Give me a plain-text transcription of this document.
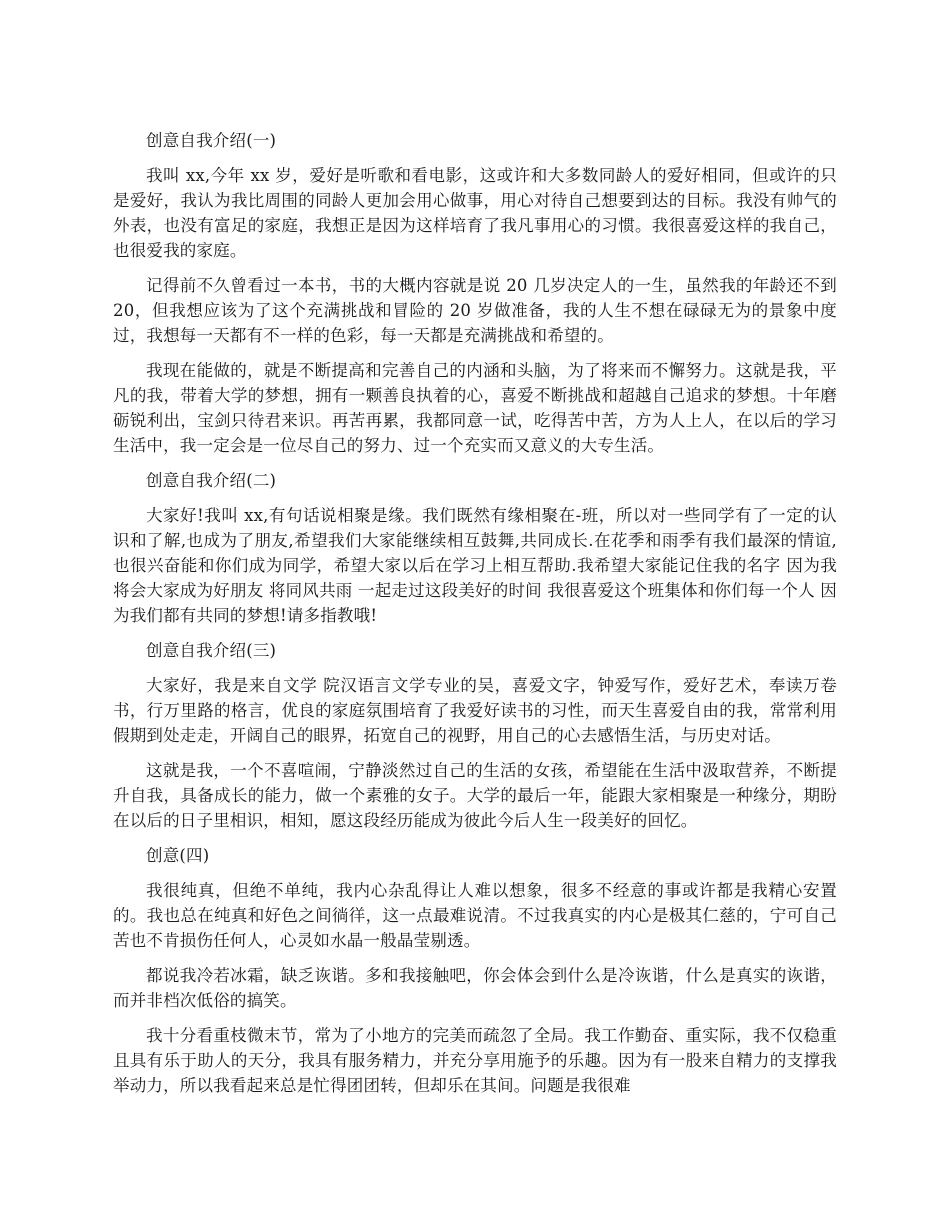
创意自我介绍(一)

我叫 xx,今年 xx 岁，爱好是听歌和看电影，这或许和大多数同龄人的爱好相同，但或许的只是爱好，我认为我比周围的同龄人更加会用心做事，用心对待自己想要到达的目标。我没有帅气的外表，也没有富足的家庭，我想正是因为这样培育了我凡事用心的习惯。我很喜爱这样的我自己，也很爱我的家庭。

记得前不久曾看过一本书，书的大概内容就是说 20 几岁决定人的一生，虽然我的年龄还不到 20，但我想应该为了这个充满挑战和冒险的 20 岁做准备，我的人生不想在碌碌无为的景象中度过，我想每一天都有不一样的色彩，每一天都是充满挑战和希望的。

我现在能做的，就是不断提高和完善自己的内涵和头脑，为了将来而不懈努力。这就是我，平凡的我，带着大学的梦想，拥有一颗善良执着的心，喜爱不断挑战和超越自己追求的梦想。十年磨砺锐利出，宝剑只待君来识。再苦再累，我都同意一试，吃得苦中苦，方为人上人，在以后的学习生活中，我一定会是一位尽自己的努力、过一个充实而又意义的大专生活。

创意自我介绍(二)

大家好!我叫 xx,有句话说相聚是缘。我们既然有缘相聚在-班，所以对一些同学有了一定的认识和了解,也成为了朋友,希望我们大家能继续相互鼓舞,共同成长.在花季和雨季有我们最深的情谊,也很兴奋能和你们成为同学，希望大家以后在学习上相互帮助.我希望大家能记住我的名字 因为我将会大家成为好朋友 将同风共雨 一起走过这段美好的时间 我很喜爱这个班集体和你们每一个人 因为我们都有共同的梦想!请多指教哦!

创意自我介绍(三)

大家好，我是来自文学 院汉语言文学专业的吴，喜爱文字，钟爱写作，爱好艺术，奉读万卷书，行万里路的格言，优良的家庭氛围培育了我爱好读书的习性，而天生喜爱自由的我，常常利用假期到处走走，开阔自己的眼界，拓宽自己的视野，用自己的心去感悟生活，与历史对话。

这就是我，一个不喜喧闹，宁静淡然过自己的生活的女孩，希望能在生活中汲取营养，不断提升自我，具备成长的能力，做一个素雅的女子。大学的最后一年，能跟大家相聚是一种缘分，期盼在以后的日子里相识，相知，愿这段经历能成为彼此今后人生一段美好的回忆。

创意(四)

我很纯真，但绝不单纯，我内心杂乱得让人难以想象，很多不经意的事或许都是我精心安置的。我也总在纯真和好色之间徜徉，这一点最难说清。不过我真实的内心是极其仁慈的，宁可自己苦也不肯损伤任何人，心灵如水晶一般晶莹剔透。

都说我冷若冰霜，缺乏诙谐。多和我接触吧，你会体会到什么是冷诙谐，什么是真实的诙谐，而并非档次低俗的搞笑。

我十分看重枝微末节，常为了小地方的完美而疏忽了全局。我工作勤奋、重实际，我不仅稳重且具有乐于助人的天分，我具有服务精力，并充分享用施予的乐趣。因为有一股来自精力的支撑我举动力，所以我看起来总是忙得团团转，但却乐在其间。问题是我很难
